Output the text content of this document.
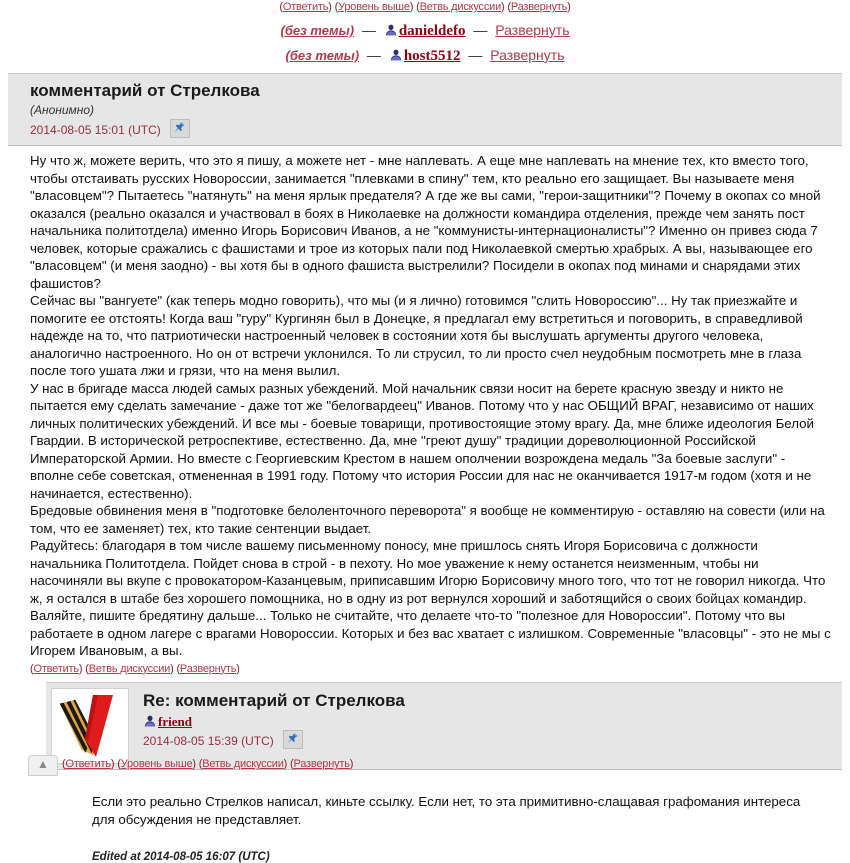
(Ответить) (Уровень выше) (Ветвь дискуссии) (Развернуть)
(без темы) — danieldefo — Развернуть
(без темы) — host5512 — Развернуть
комментарий от Стрелкова
(Анонимно)
2014-08-05 15:01 (UTC)

Ну что ж, можете верить, что это я пишу, а можете нет - мне наплевать. А еще мне наплевать на мнение тех, кто вместо того, чтобы отстаивать русских Новороссии, занимается "плевками в спину" тем, кто реально его защищает. Вы называете меня "власовцем"? Пытаетесь "натянуть" на меня ярлык предателя? А где же вы сами, "герои-защитники"? Почему в окопах со мной оказался (реально оказался и участвовал в боях в Николаевке на должности командира отделения, прежде чем занять пост начальника политотдела) именно Игорь Борисович Иванов, а не "коммунисты-интернационалисты"? Именно он привез сюда 7 человек, которые сражались с фашистами и трое из которых пали под Николаевкой смертью храбрых. А вы, называющее его "власовцем" (и меня заодно) - вы хотя бы в одного фашиста выстрелили? Посидели в окопах под минами и снарядами этих фашистов?

Сейчас вы "вангуете" (как теперь модно говорить), что мы (и я лично) готовимся "слить Новороссию"... Ну так приезжайте и помогите ее отстоять! Когда ваш "гуру" Кургинян был в Донецке, я предлагал ему встретиться и поговорить, в справедливой надежде на то, что патриотически настроенный человек в состоянии хотя бы выслушать аргументы другого человека, аналогично настроенного. Но он от встречи уклонился. То ли струсил, то ли просто счел неудобным посмотреть мне в глаза после того ушата лжи и грязи, что на меня вылил.

У нас в бригаде масса людей самых разных убеждений. Мой начальник связи носит на берете красную звезду и никто не пытается ему сделать замечание - даже тот же "белогвардеец" Иванов. Потому что у нас ОБЩИЙ ВРАГ, независимо от наших личных политических убеждений. И все мы - боевые товарищи, противостоящие этому врагу. Да, мне ближе идеология Белой Гвардии. В исторической ретроспективе, естественно. Да, мне "греют душу" традиции дореволюционной Российской Императорской Армии. Но вместе с Георгиевским Крестом в нашем ополчении возрождена медаль "За боевые заслуги" - вполне себе советская, отмененная в 1991 году. Потому что история России для нас не оканчивается 1917-м годом (хотя и не начинается, естественно).

Бредовые обвинения меня в "подготовке белоленточного переворота" я вообще не комментирую - оставляю на совести (или на том, что ее заменяет) тех, кто такие сентенции выдает.

Радуйтесь: благодаря в том числе вашему письменному поносу, мне пришлось снять Игоря Борисовича с должности начальника Политотдела. Пойдет снова в строй - в пехоту. Но мое уважение к нему останется неизменным, чтобы ни насочиняли вы вкупе с провокатором-Казанцевым, приписавшим Игорю Борисовичу много того, что тот не говорил никогда. Что ж, я остался в штабе без хорошего помощника, но в одну из рот вернулся хороший и заботящийся о своих бойцах командир.

Валяйте, пишите бредятину дальше... Только не считайте, что делаете что-то "полезное для Новороссии". Потому что вы работаете в одном лагере с врагами Новороссии. Которых и без вас хватает с излишком. Современные "власовцы" - это не мы с Игорем Ивановым, а вы.

(Ответить) (Ветвь дискуссии) (Развернуть)
Re: комментарий от Стрелкова
friend
2014-08-05 15:39 (UTC)

Если это реально Стрелков написал, киньте ссылку. Если нет, то эта примитивно-слащавая графомания интереса для обсуждения не представляет.

Edited at 2014-08-05 16:07 (UTC)
▲	(Ответить) (Уровень выше) (Ветвь дискуссии) (Развернуть)
